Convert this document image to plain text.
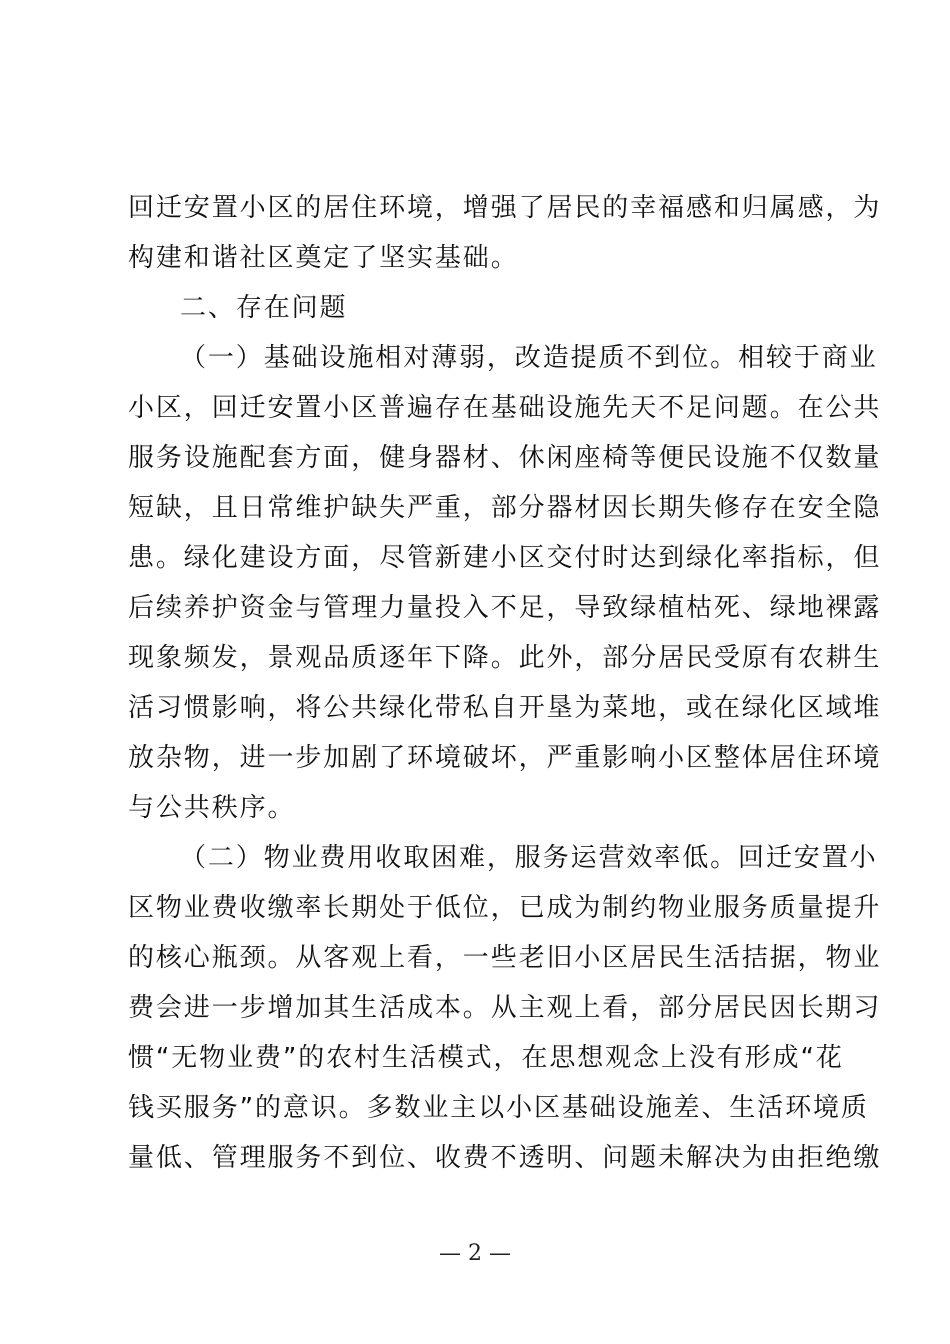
回迁安置小区的居住环境，增强了居民的幸福感和归属感，为
构建和谐社区奠定了坚实基础。
二、存在问题
（一）基础设施相对薄弱，改造提质不到位。相较于商业
小区，回迁安置小区普遍存在基础设施先天不足问题。在公共
服务设施配套方面，健身器材、休闲座椅等便民设施不仅数量
短缺，且日常维护缺失严重，部分器材因长期失修存在安全隐
患。绿化建设方面，尽管新建小区交付时达到绿化率指标，但
后续养护资金与管理力量投入不足，导致绿植枯死、绿地裸露
现象频发，景观品质逐年下降。此外，部分居民受原有农耕生
活习惯影响，将公共绿化带私自开垦为菜地，或在绿化区域堆
放杂物，进一步加剧了环境破坏，严重影响小区整体居住环境
与公共秩序。
（二）物业费用收取困难，服务运营效率低。回迁安置小
区物业费收缴率长期处于低位，已成为制约物业服务质量提升
的核心瓶颈。从客观上看，一些老旧小区居民生活拮据，物业
费会进一步增加其生活成本。从主观上看，部分居民因长期习
惯“无物业费”的农村生活模式，在思想观念上没有形成“花
钱买服务”的意识。多数业主以小区基础设施差、生活环境质
量低、管理服务不到位、收费不透明、问题未解决为由拒绝缴
— 2 —
